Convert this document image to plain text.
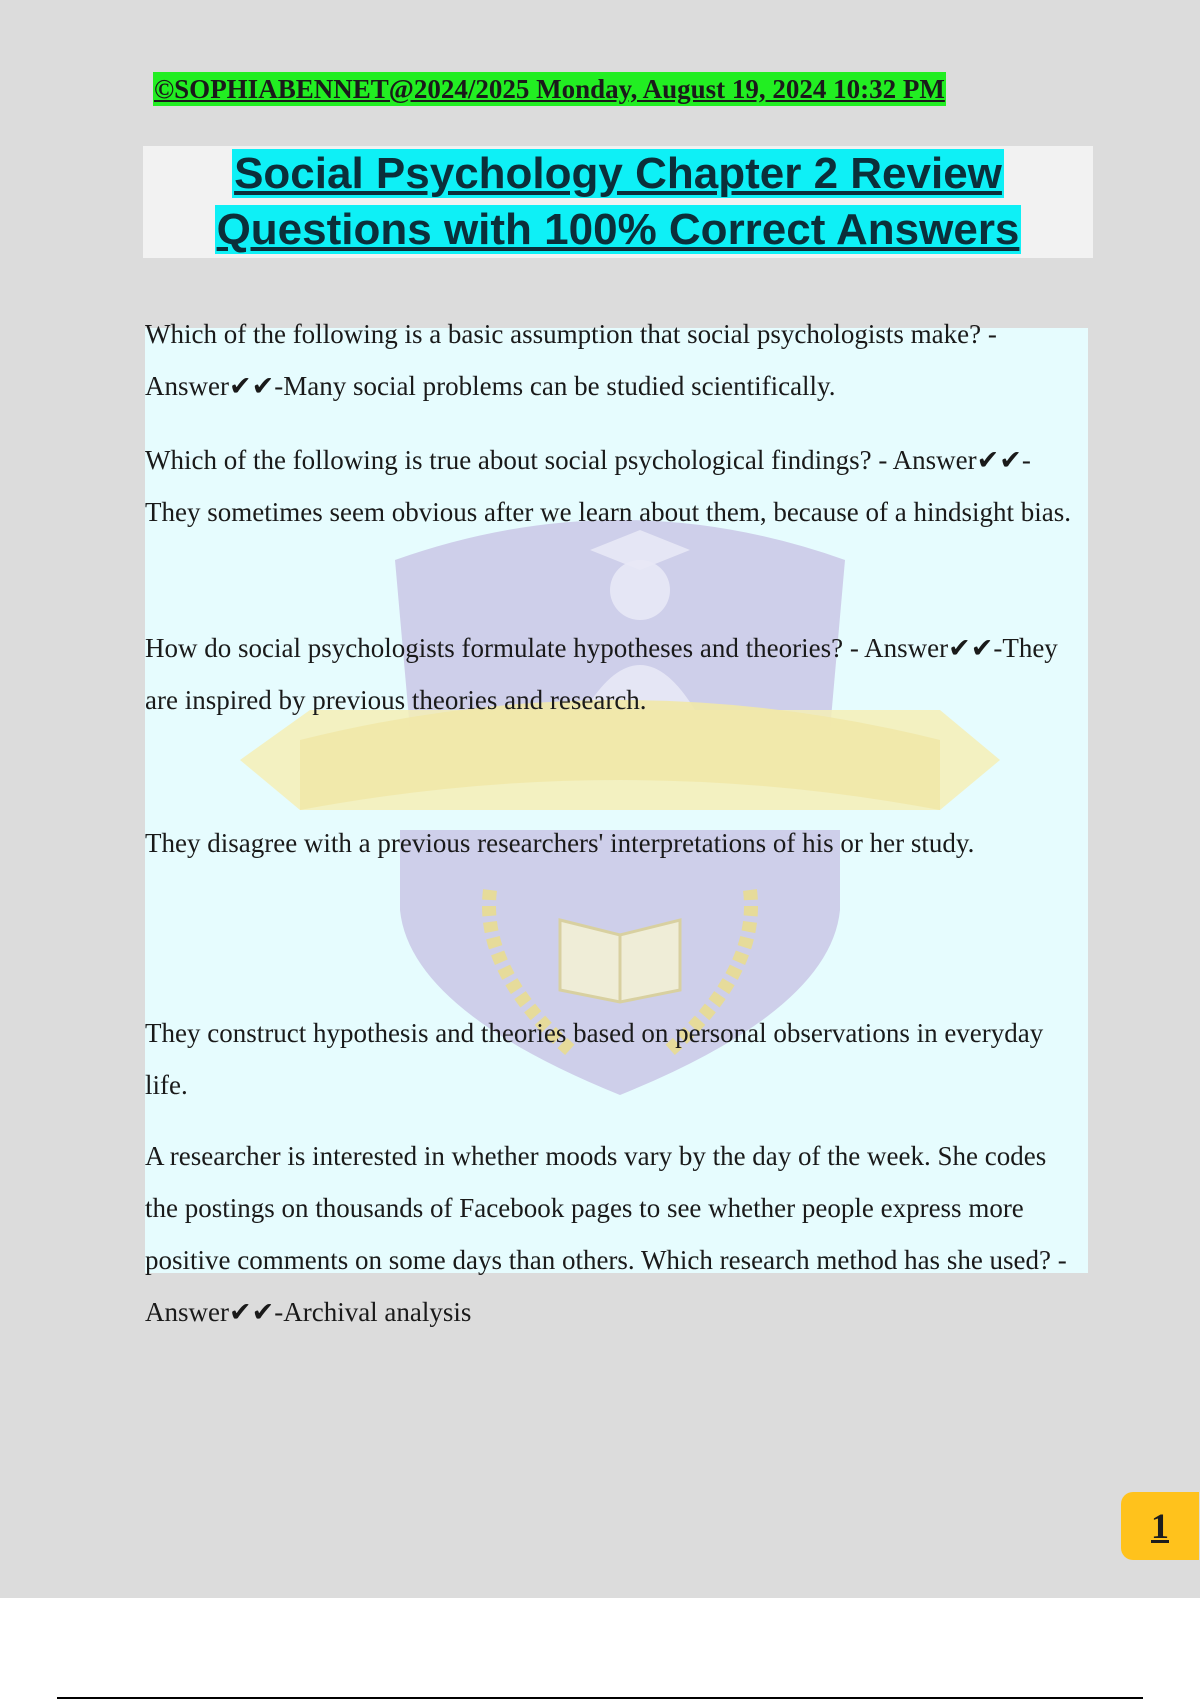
©SOPHIABENNET@2024/2025 Monday, August 19, 2024 10:32 PM
Social Psychology Chapter 2 Review
Questions with 100% Correct Answers

Which of the following is a basic assumption that social psychologists make? - Answer✔✔-Many social problems can be studied scientifically.

Which of the following is true about social psychological findings? - Answer✔✔-They sometimes seem obvious after we learn about them, because of a hindsight bias.

How do social psychologists formulate hypotheses and theories? - Answer✔✔-They are inspired by previous theories and research.

They disagree with a previous researchers' interpretations of his or her study.

They construct hypothesis and theories based on personal observations in everyday life.

A researcher is interested in whether moods vary by the day of the week. She codes the postings on thousands of Facebook pages to see whether people express more positive comments on some days than others. Which research method has she used? - Answer✔✔-Archival analysis

1
